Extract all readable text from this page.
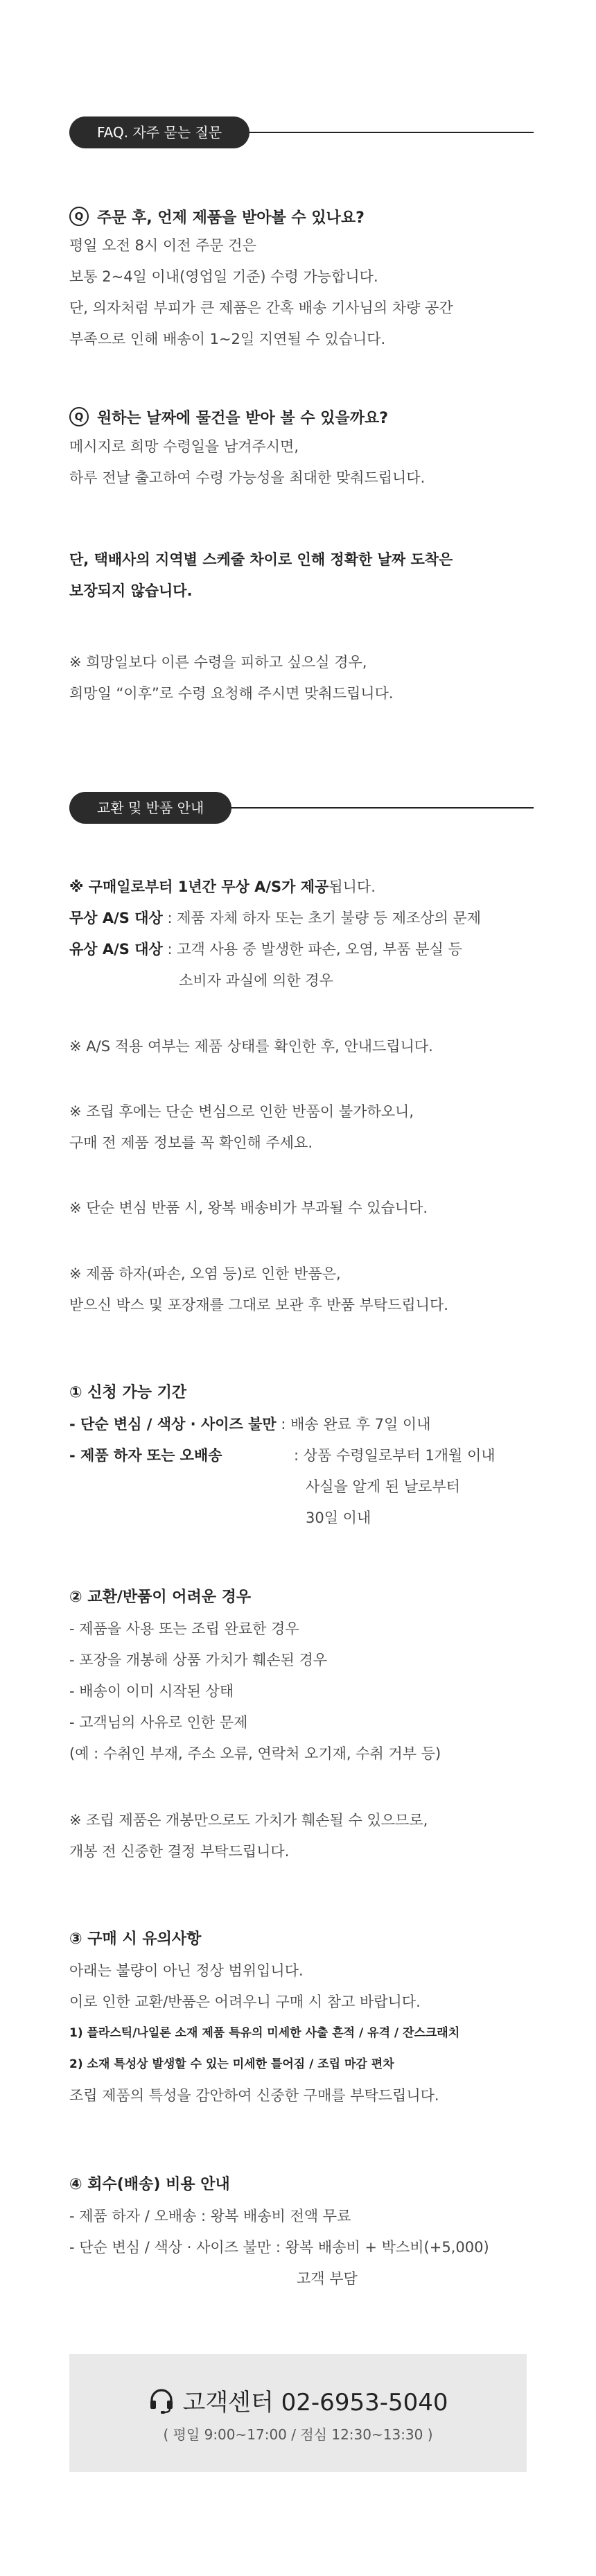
FAQ. 자주 묻는 질문
Q 주문 후, 언제 제품을 받아볼 수 있나요?
평일 오전 8시 이전 주문 건은
보통 2~4일 이내(영업일 기준) 수령 가능합니다.
단, 의자처럼 부피가 큰 제품은 간혹 배송 기사님의 차량 공간
부족으로 인해 배송이 1~2일 지연될 수 있습니다.
Q 원하는 날짜에 물건을 받아 볼 수 있을까요?
메시지로 희망 수령일을 남겨주시면,
하루 전날 출고하여 수령 가능성을 최대한 맞춰드립니다.
단, 택배사의 지역별 스케줄 차이로 인해 정확한 날짜 도착은
보장되지 않습니다.
※ 희망일보다 이른 수령을 피하고 싶으실 경우,
희망일 “이후”로 수령 요청해 주시면 맞춰드립니다.
교환 및 반품 안내
※ 구매일로부터 1년간 무상 A/S가 제공됩니다.
무상 A/S 대상 : 제품 자체 하자 또는 초기 불량 등 제조상의 문제
유상 A/S 대상 : 고객 사용 중 발생한 파손, 오염, 부품 분실 등
소비자 과실에 의한 경우
※ A/S 적용 여부는 제품 상태를 확인한 후, 안내드립니다.
※ 조립 후에는 단순 변심으로 인한 반품이 불가하오니,
구매 전 제품 정보를 꼭 확인해 주세요.
※ 단순 변심 반품 시, 왕복 배송비가 부과될 수 있습니다.
※ 제품 하자(파손, 오염 등)로 인한 반품은,
받으신 박스 및 포장재를 그대로 보관 후 반품 부탁드립니다.
① 신청 가능 기간
- 단순 변심 / 색상 · 사이즈 불만 : 배송 완료 후 7일 이내
- 제품 하자 또는 오배송	: 상품 수령일로부터 1개월 이내
사실을 알게 된 날로부터
30일 이내
② 교환/반품이 어려운 경우
- 제품을 사용 또는 조립 완료한 경우
- 포장을 개봉해 상품 가치가 훼손된 경우
- 배송이 이미 시작된 상태
- 고객님의 사유로 인한 문제
(예 : 수취인 부재, 주소 오류, 연락처 오기재, 수취 거부 등)
※ 조립 제품은 개봉만으로도 가치가 훼손될 수 있으므로,
개봉 전 신중한 결정 부탁드립니다.
③ 구매 시 유의사항
아래는 불량이 아닌 정상 범위입니다.
이로 인한 교환/반품은 어려우니 구매 시 참고 바랍니다.
1) 플라스틱/나일론 소재 제품 특유의 미세한 사출 흔적 / 유격 / 잔스크래치
2) 소재 특성상 발생할 수 있는 미세한 틀어짐 / 조립 마감 편차
조립 제품의 특성을 감안하여 신중한 구매를 부탁드립니다.
④ 회수(배송) 비용 안내
- 제품 하자 / 오배송 : 왕복 배송비 전액 무료
- 단순 변심 / 색상 · 사이즈 불만 : 왕복 배송비 + 박스비(+5,000)
고객 부담
고객센터 02-6953-5040
( 평일 9:00~17:00 / 점심 12:30~13:30 )
